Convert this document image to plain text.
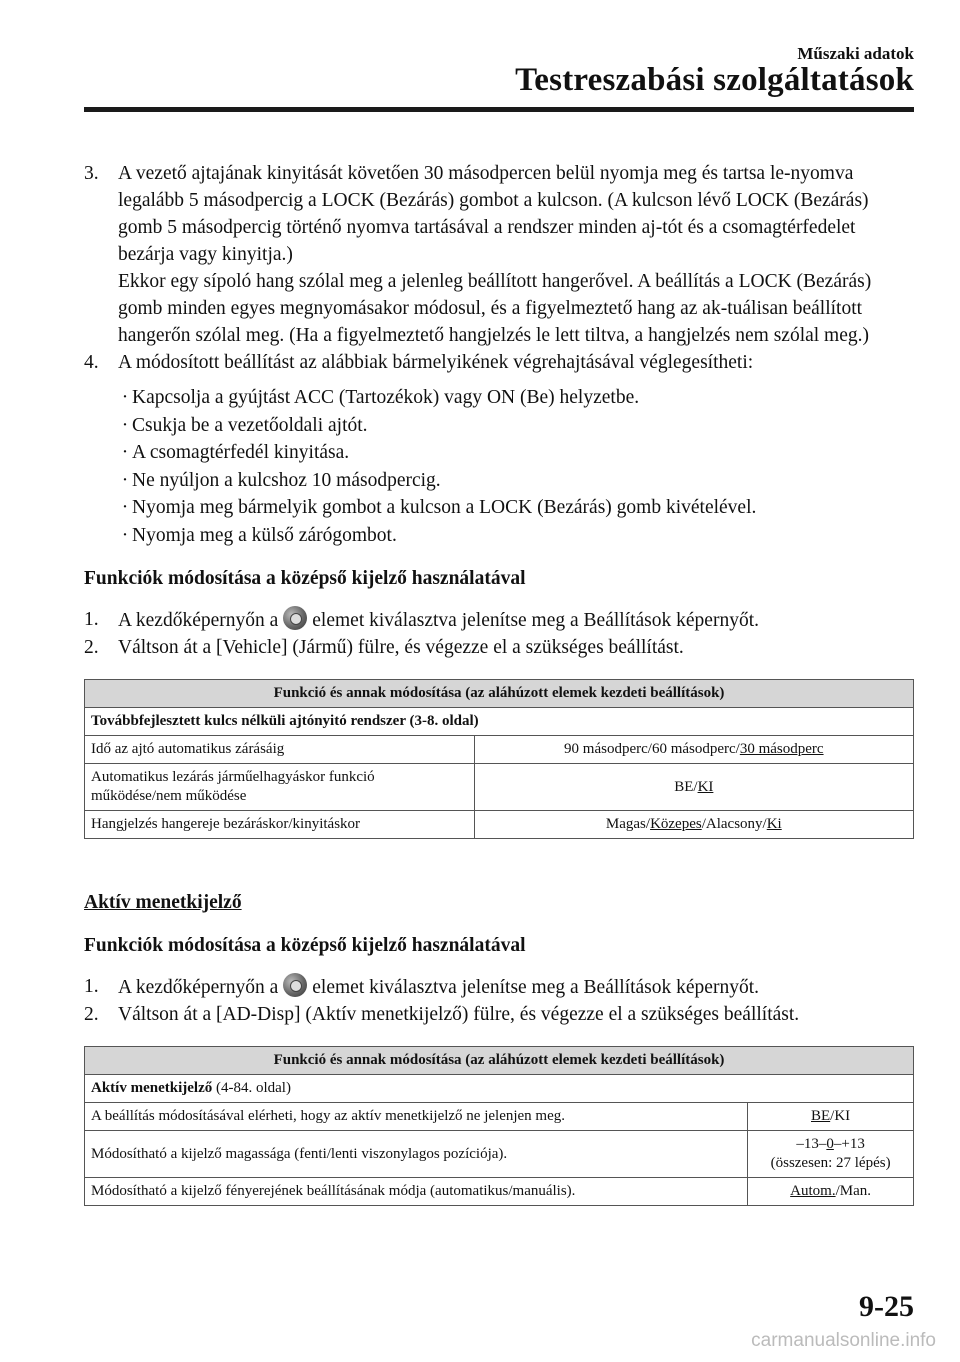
Műszaki adatok
Testreszabási szolgáltatások
3. A vezető ajtajának kinyitását követően 30 másodpercen belül nyomja meg és tartsa le-nyomva legalább 5 másodpercig a LOCK (Bezárás) gombot a kulcson. (A kulcson lévő LOCK (Bezárás) gomb 5 másodpercig történő nyomva tartásával a rendszer minden aj-tót és a csomagtérfedelet bezárja vagy kinyitja.)
Ekkor egy sípoló hang szólal meg a jelenleg beállított hangerővel. A beállítás a LOCK (Bezárás) gomb minden egyes megnyomásakor módosul, és a figyelmeztető hang az ak-tuálisan beállított hangerőn szólal meg. (Ha a figyelmeztető hangjelzés le lett tiltva, a hangjelzés nem szólal meg.)
4. A módosított beállítást az alábbiak bármelyikének végrehajtásával véglegesítheti:
· Kapcsolja a gyújtást ACC (Tartozékok) vagy ON (Be) helyzetbe.
· Csukja be a vezetőoldali ajtót.
· A csomagtérfedél kinyitása.
· Ne nyúljon a kulcshoz 10 másodpercig.
· Nyomja meg bármelyik gombot a kulcson a LOCK (Bezárás) gomb kivételével.
· Nyomja meg a külső zárógombot.
Funkciók módosítása a középső kijelző használatával
1. A kezdőképernyőn a elemet kiválasztva jelenítse meg a Beállítások képernyőt.
2. Váltson át a [Vehicle] (Jármű) fülre, és végezze el a szükséges beállítást.
Funkció és annak módosítása (az aláhúzott elemek kezdeti beállítások)	
Továbbfejlesztett kulcs nélküli ajtónyitó rendszer (3-8. oldal)	
Idő az ajtó automatikus zárásáig	90 másodperc/60 másodperc/30 másodperc
Automatikus lezárás járműelhagyáskor funkció működése/nem működése	BE/KI
Hangjelzés hangereje bezáráskor/kinyitáskor	Magas/Közepes/Alacsony/Ki
Aktív menetkijelző
Funkciók módosítása a középső kijelző használatával
1. A kezdőképernyőn a elemet kiválasztva jelenítse meg a Beállítások képernyőt.
2. Váltson át a [AD-Disp] (Aktív menetkijelző) fülre, és végezze el a szükséges beállítást.
Funkció és annak módosítása (az aláhúzott elemek kezdeti beállítások)	
Aktív menetkijelző (4-84. oldal)	
A beállítás módosításával elérheti, hogy az aktív menetkijelző ne jelenjen meg.	BE/KI
Módosítható a kijelző magassága (fenti/lenti viszonylagos pozíciója).	–13–0–+13
(összesen: 27 lépés)
Módosítható a kijelző fényerejének beállításának módja (automatikus/manuális).	Autom./Man.
9-25
carmanualsonline.info
